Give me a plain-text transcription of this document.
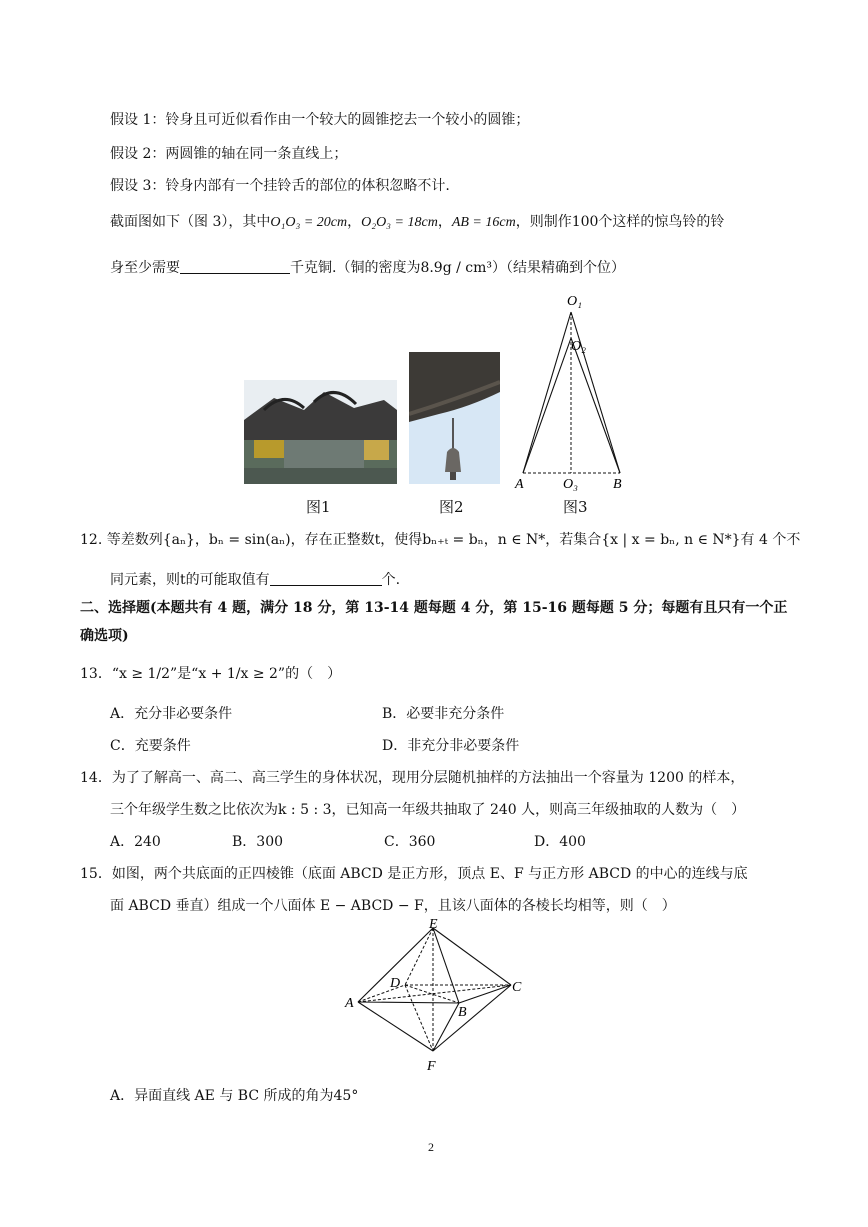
假设 1：铃身且可近似看作由一个较大的圆锥挖去一个较小的圆锥；
假设 2：两圆锥的轴在同一条直线上；
假设 3：铃身内部有一个挂铃舌的部位的体积忽略不计.
截面图如下（图 3），其中O₁O₃ = 20cm，O₂O₃ = 18cm，AB = 16cm，则制作100个这样的惊鸟铃的铃
身至少需要	千克铜.（铜的密度为8.9g / cm³）（结果精确到个位）
O₁
O₂
O₃
A	B
图1	图2	图3
12. 等差数列{aₙ}，bₙ = sin(aₙ)，存在正整数t，使得bₙ₊ₜ = bₙ，n ∈ N*，若集合{x | x = bₙ, n ∈ N*}有 4 个不
同元素，则t的可能取值有	个.
二、选择题(本题共有 4 题，满分 18 分，第 13-14 题每题 4 分，第 15-16 题每题 5 分；每题有且只有一个正
确选项)
13．“x ≥ 1/2”是“x + 1/x ≥ 2”的（　）
A．充分非必要条件	B．必要非充分条件
C．充要条件	D．非充分非必要条件
14．为了了解高一、高二、高三学生的身体状况，现用分层随机抽样的方法抽出一个容量为 1200 的样本，
三个年级学生数之比依次为k : 5 : 3，已知高一年级共抽取了 240 人，则高三年级抽取的人数为（　）
A．240	B．300	C．360	D．400
15．如图，两个共底面的正四棱锥（底面 ABCD 是正方形，顶点 E、F 与正方形 ABCD 的中心的连线与底
面 ABCD 垂直）组成一个八面体 E − ABCD − F，且该八面体的各棱长均相等，则（　）
E
D	C
A
B
F
A．异面直线 AE 与 BC 所成的角为45°
2
